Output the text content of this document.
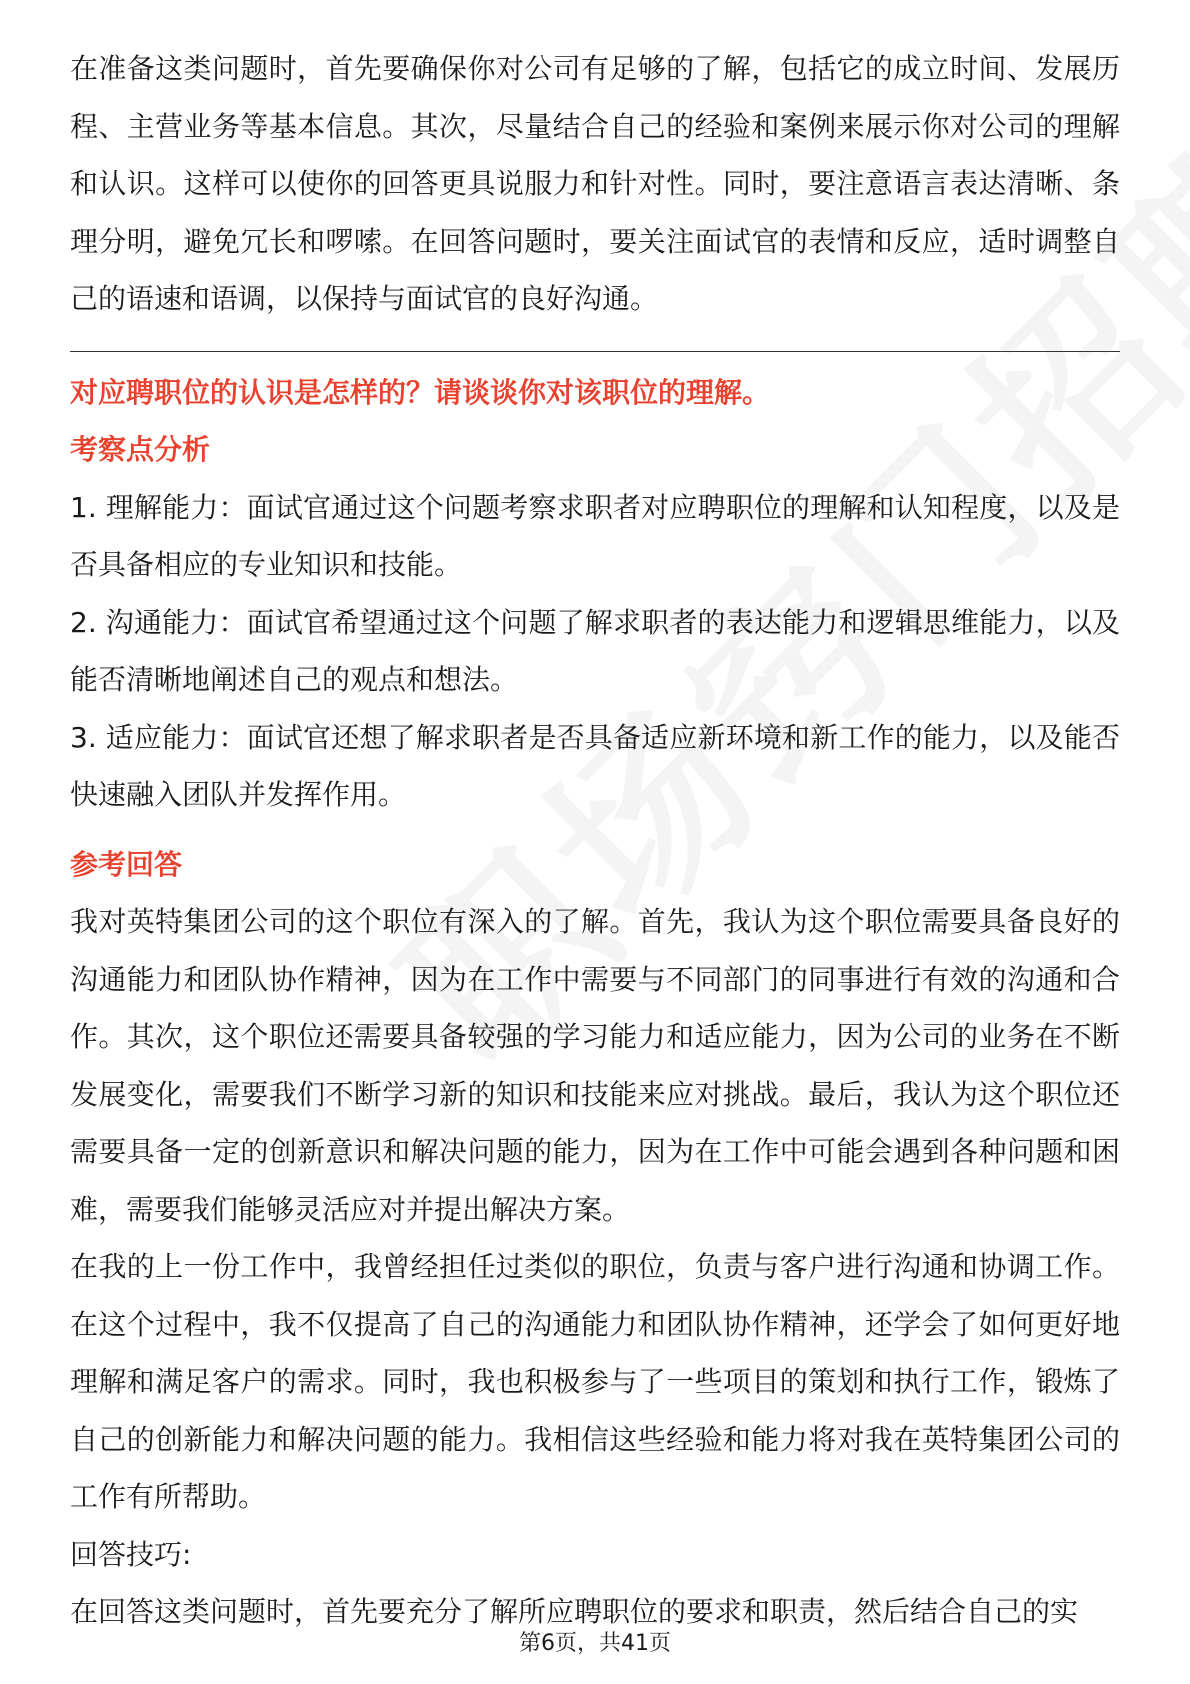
在准备这类问题时，首先要确保你对公司有足够的了解，包括它的成立时间、发展历程、主营业务等基本信息。其次，尽量结合自己的经验和案例来展示你对公司的理解和认识。这样可以使你的回答更具说服力和针对性。同时，要注意语言表达清晰、条理分明，避免冗长和啰嗦。在回答问题时，要关注面试官的表情和反应，适时调整自己的语速和语调，以保持与面试官的良好沟通。

对应聘职位的认识是怎样的？请谈谈你对该职位的理解。

考察点分析

1. 理解能力：面试官通过这个问题考察求职者对应聘职位的理解和认知程度，以及是否具备相应的专业知识和技能。

2. 沟通能力：面试官希望通过这个问题了解求职者的表达能力和逻辑思维能力，以及能否清晰地阐述自己的观点和想法。

3. 适应能力：面试官还想了解求职者是否具备适应新环境和新工作的能力，以及能否快速融入团队并发挥作用。

参考回答

我对英特集团公司的这个职位有深入的了解。首先，我认为这个职位需要具备良好的沟通能力和团队协作精神，因为在工作中需要与不同部门的同事进行有效的沟通和合作。其次，这个职位还需要具备较强的学习能力和适应能力，因为公司的业务在不断发展变化，需要我们不断学习新的知识和技能来应对挑战。最后，我认为这个职位还需要具备一定的创新意识和解决问题的能力，因为在工作中可能会遇到各种问题和困难，需要我们能够灵活应对并提出解决方案。

在我的上一份工作中，我曾经担任过类似的职位，负责与客户进行沟通和协调工作。在这个过程中，我不仅提高了自己的沟通能力和团队协作精神，还学会了如何更好地理解和满足客户的需求。同时，我也积极参与了一些项目的策划和执行工作，锻炼了自己的创新能力和解决问题的能力。我相信这些经验和能力将对我在英特集团公司的工作有所帮助。

回答技巧:

在回答这类问题时，首先要充分了解所应聘职位的要求和职责，然后结合自己的实

第6页，共41页
